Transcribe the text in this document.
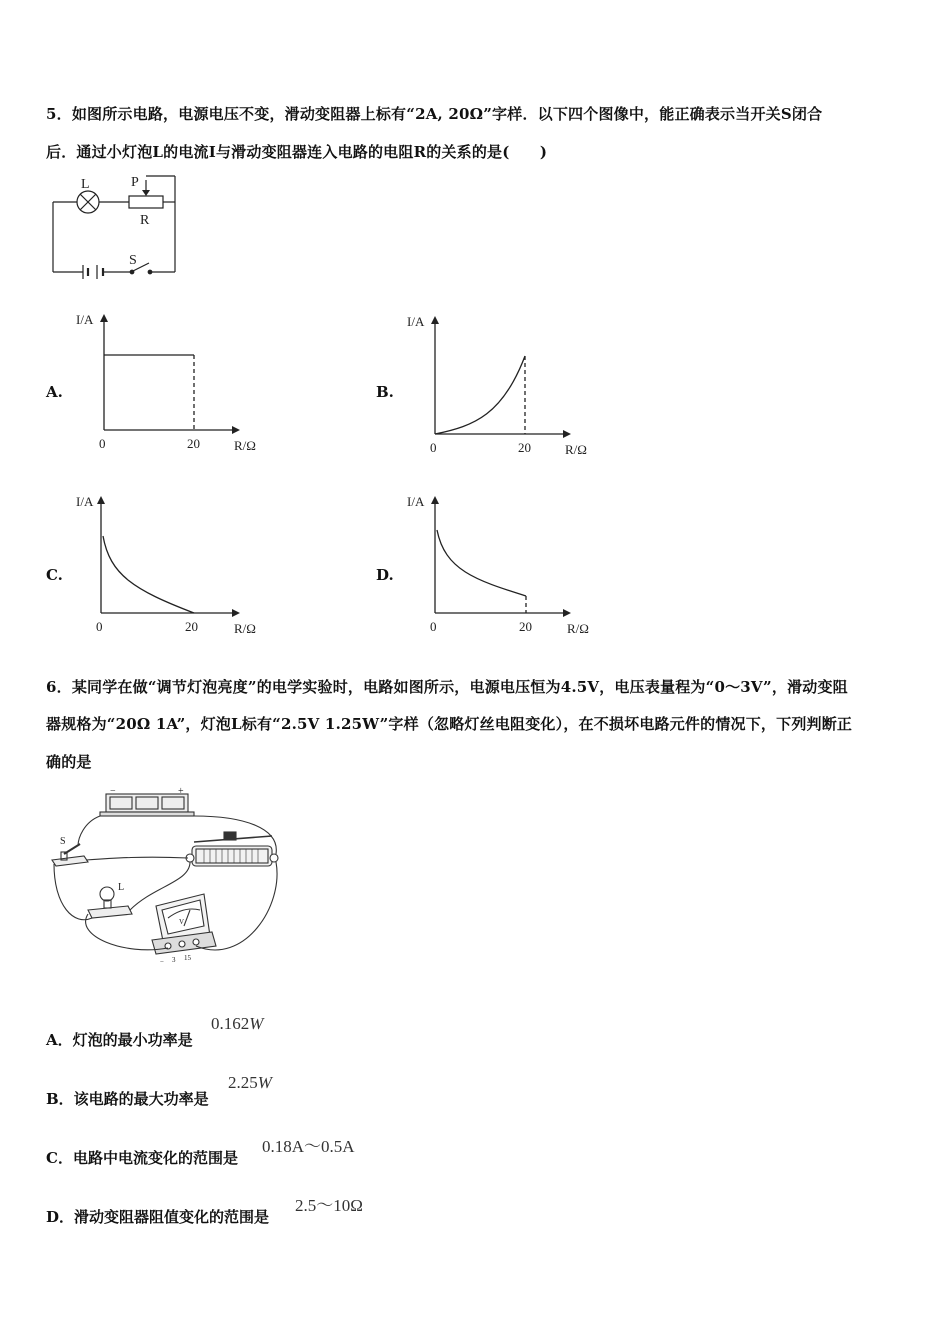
5．如图所示电路，电源电压不变，滑动变阻器上标有“2A, 20Ω”字样．以下四个图像中，能正确表示当开关S闭合
后．通过小灯泡L的电流I与滑动变阻器连入电路的电阻R的关系的是(　　)
L	P
R
S
A.
I/A
0	20	R/Ω
B.
I/A
0	20	R/Ω
C.
I/A
0	20	R/Ω
D.
I/A
0	20	R/Ω
6．某同学在做“调节灯泡亮度”的电学实验时，电路如图所示，电源电压恒为4.5V，电压表量程为“0～3V”，滑动变阻
器规格为“20Ω 1A”，灯泡L标有“2.5V 1.25W”字样（忽略灯丝电阻变化），在不损坏电路元件的情况下，下列判断正
确的是
S
L
V
−	+
− 3 15
A．灯泡的最小功率是
0.162W
B．该电路的最大功率是
2.25W
C．电路中电流变化的范围是
0.18A～0.5A
D．滑动变阻器阻值变化的范围是
2.5～10Ω
